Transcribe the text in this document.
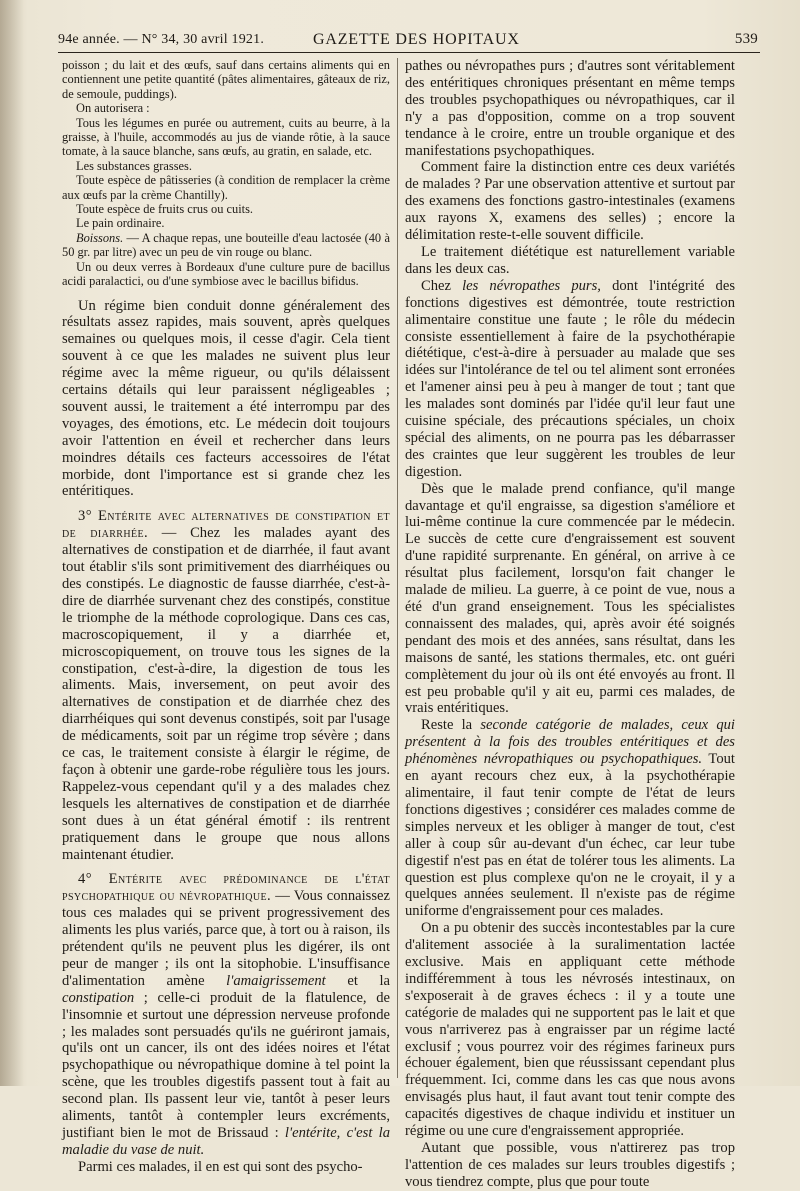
94e année. — N° 34, 30 avril 1921.	GAZETTE DES HOPITAUX	539

poisson ; du lait et des œufs, sauf dans certains aliments qui en contiennent une petite quantité (pâtes alimentaires, gâteaux de riz, de semoule, puddings).

On autorisera :

Tous les légumes en purée ou autrement, cuits au beurre, à la graisse, à l'huile, accommodés au jus de viande rôtie, à la sauce tomate, à la sauce blanche, sans œufs, au gratin, en salade, etc.

Les substances grasses.

Toute espèce de pâtisseries (à condition de remplacer la crème aux œufs par la crème Chantilly).

Toute espèce de fruits crus ou cuits.

Le pain ordinaire.

Boissons. — A chaque repas, une bouteille d'eau lactosée (40 à 50 gr. par litre) avec un peu de vin rouge ou blanc.

Un ou deux verres à Bordeaux d'une culture pure de bacillus acidi paralactici, ou d'une symbiose avec le bacillus bifidus.

Un régime bien conduit donne généralement des résultats assez rapides, mais souvent, après quelques semaines ou quelques mois, il cesse d'agir. Cela tient souvent à ce que les malades ne suivent plus leur régime avec la même rigueur, ou qu'ils délaissent certains détails qui leur paraissent négligeables ; souvent aussi, le traitement a été interrompu par des voyages, des émotions, etc. Le médecin doit toujours avoir l'attention en éveil et rechercher dans leurs moindres détails ces facteurs accessoires de l'état morbide, dont l'importance est si grande chez les entéritiques.

3° Entérite avec alternatives de constipation et de diarrhée. — Chez les malades ayant des alternatives de constipation et de diarrhée, il faut avant tout établir s'ils sont primitivement des diarrhéiques ou des constipés. Le diagnostic de fausse diarrhée, c'est-à-dire de diarrhée survenant chez des constipés, constitue le triomphe de la méthode coprologique. Dans ces cas, macroscopiquement, il y a diarrhée et, microscopiquement, on trouve tous les signes de la constipation, c'est-à-dire, la digestion de tous les aliments. Mais, inversement, on peut avoir des alternatives de constipation et de diarrhée chez des diarrhéiques qui sont devenus constipés, soit par l'usage de médicaments, soit par un régime trop sévère ; dans ce cas, le traitement consiste à élargir le régime, de façon à obtenir une garde-robe régulière tous les jours. Rappelez-vous cependant qu'il y a des malades chez lesquels les alternatives de constipation et de diarrhée sont dues à un état général émotif : ils rentrent pratiquement dans le groupe que nous allons maintenant étudier.

4° Entérite avec prédominance de l'état psychopathique ou névropathique. — Vous connaissez tous ces malades qui se privent progressivement des aliments les plus variés, parce que, à tort ou à raison, ils prétendent qu'ils ne peuvent plus les digérer, ils ont peur de manger ; ils ont la sitophobie. L'insuffisance d'alimentation amène l'amaigrissement et la constipation ; celle-ci produit de la flatulence, de l'insomnie et surtout une dépression nerveuse profonde ; les malades sont persuadés qu'ils ne guériront jamais, qu'ils ont un cancer, ils ont des idées noires et l'état psychopathique ou névropathique domine à tel point la scène, que les troubles digestifs passent tout à fait au second plan. Ils passent leur vie, tantôt à peser leurs aliments, tantôt à contempler leurs excréments, justifiant bien le mot de Brissaud : l'entérite, c'est la maladie du vase de nuit.

Parmi ces malades, il en est qui sont des psycho-

pathes ou névropathes purs ; d'autres sont véritablement des entéritiques chroniques présentant en même temps des troubles psychopathiques ou névropathiques, car il n'y a pas d'opposition, comme on a trop souvent tendance à le croire, entre un trouble organique et des manifestations psychopathiques.

Comment faire la distinction entre ces deux variétés de malades ? Par une observation attentive et surtout par des examens des fonctions gastro-intestinales (examens aux rayons X, examens des selles) ; encore la délimitation reste-t-elle souvent difficile.

Le traitement diététique est naturellement variable dans les deux cas.

Chez les névropathes purs, dont l'intégrité des fonctions digestives est démontrée, toute restriction alimentaire constitue une faute ; le rôle du médecin consiste essentiellement à faire de la psychothérapie diététique, c'est-à-dire à persuader au malade que ses idées sur l'intolérance de tel ou tel aliment sont erronées et l'amener ainsi peu à peu à manger de tout ; tant que les malades sont dominés par l'idée qu'il leur faut une cuisine spéciale, des précautions spéciales, un choix spécial des aliments, on ne pourra pas les débarrasser des craintes que leur suggèrent les troubles de leur digestion.

Dès que le malade prend confiance, qu'il mange davantage et qu'il engraisse, sa digestion s'améliore et lui-même continue la cure commencée par le médecin. Le succès de cette cure d'engraissement est souvent d'une rapidité surprenante. En général, on arrive à ce résultat plus facilement, lorsqu'on fait changer le malade de milieu. La guerre, à ce point de vue, nous a été d'un grand enseignement. Tous les spécialistes connaissent des malades, qui, après avoir été soignés pendant des mois et des années, sans résultat, dans les maisons de santé, les stations thermales, etc. ont guéri complètement du jour où ils ont été envoyés au front. Il est peu probable qu'il y ait eu, parmi ces malades, de vrais entéritiques.

Reste la seconde catégorie de malades, ceux qui présentent à la fois des troubles entéritiques et des phénomènes névropathiques ou psychopathiques. Tout en ayant recours chez eux, à la psychothérapie alimentaire, il faut tenir compte de l'état de leurs fonctions digestives ; considérer ces malades comme de simples nerveux et les obliger à manger de tout, c'est aller à coup sûr au-devant d'un échec, car leur tube digestif n'est pas en état de tolérer tous les aliments. La question est plus complexe qu'on ne le croyait, il y a quelques années seulement. Il n'existe pas de régime uniforme d'engraissement pour ces malades.

On a pu obtenir des succès incontestables par la cure d'alitement associée à la suralimentation lactée exclusive. Mais en appliquant cette méthode indifféremment à tous les névrosés intestinaux, on s'exposerait à de graves échecs : il y a toute une catégorie de malades qui ne supportent pas le lait et que vous n'arriverez pas à engraisser par un régime lacté exclusif ; vous pourrez voir des régimes farineux purs échouer également, bien que réussissant cependant plus fréquemment. Ici, comme dans les cas que nous avons envisagés plus haut, il faut avant tout tenir compte des capacités digestives de chaque individu et instituer un régime ou une cure d'engraissement appropriée.

Autant que possible, vous n'attirerez pas trop l'attention de ces malades sur leurs troubles digestifs ; vous tiendrez compte, plus que pour toute
